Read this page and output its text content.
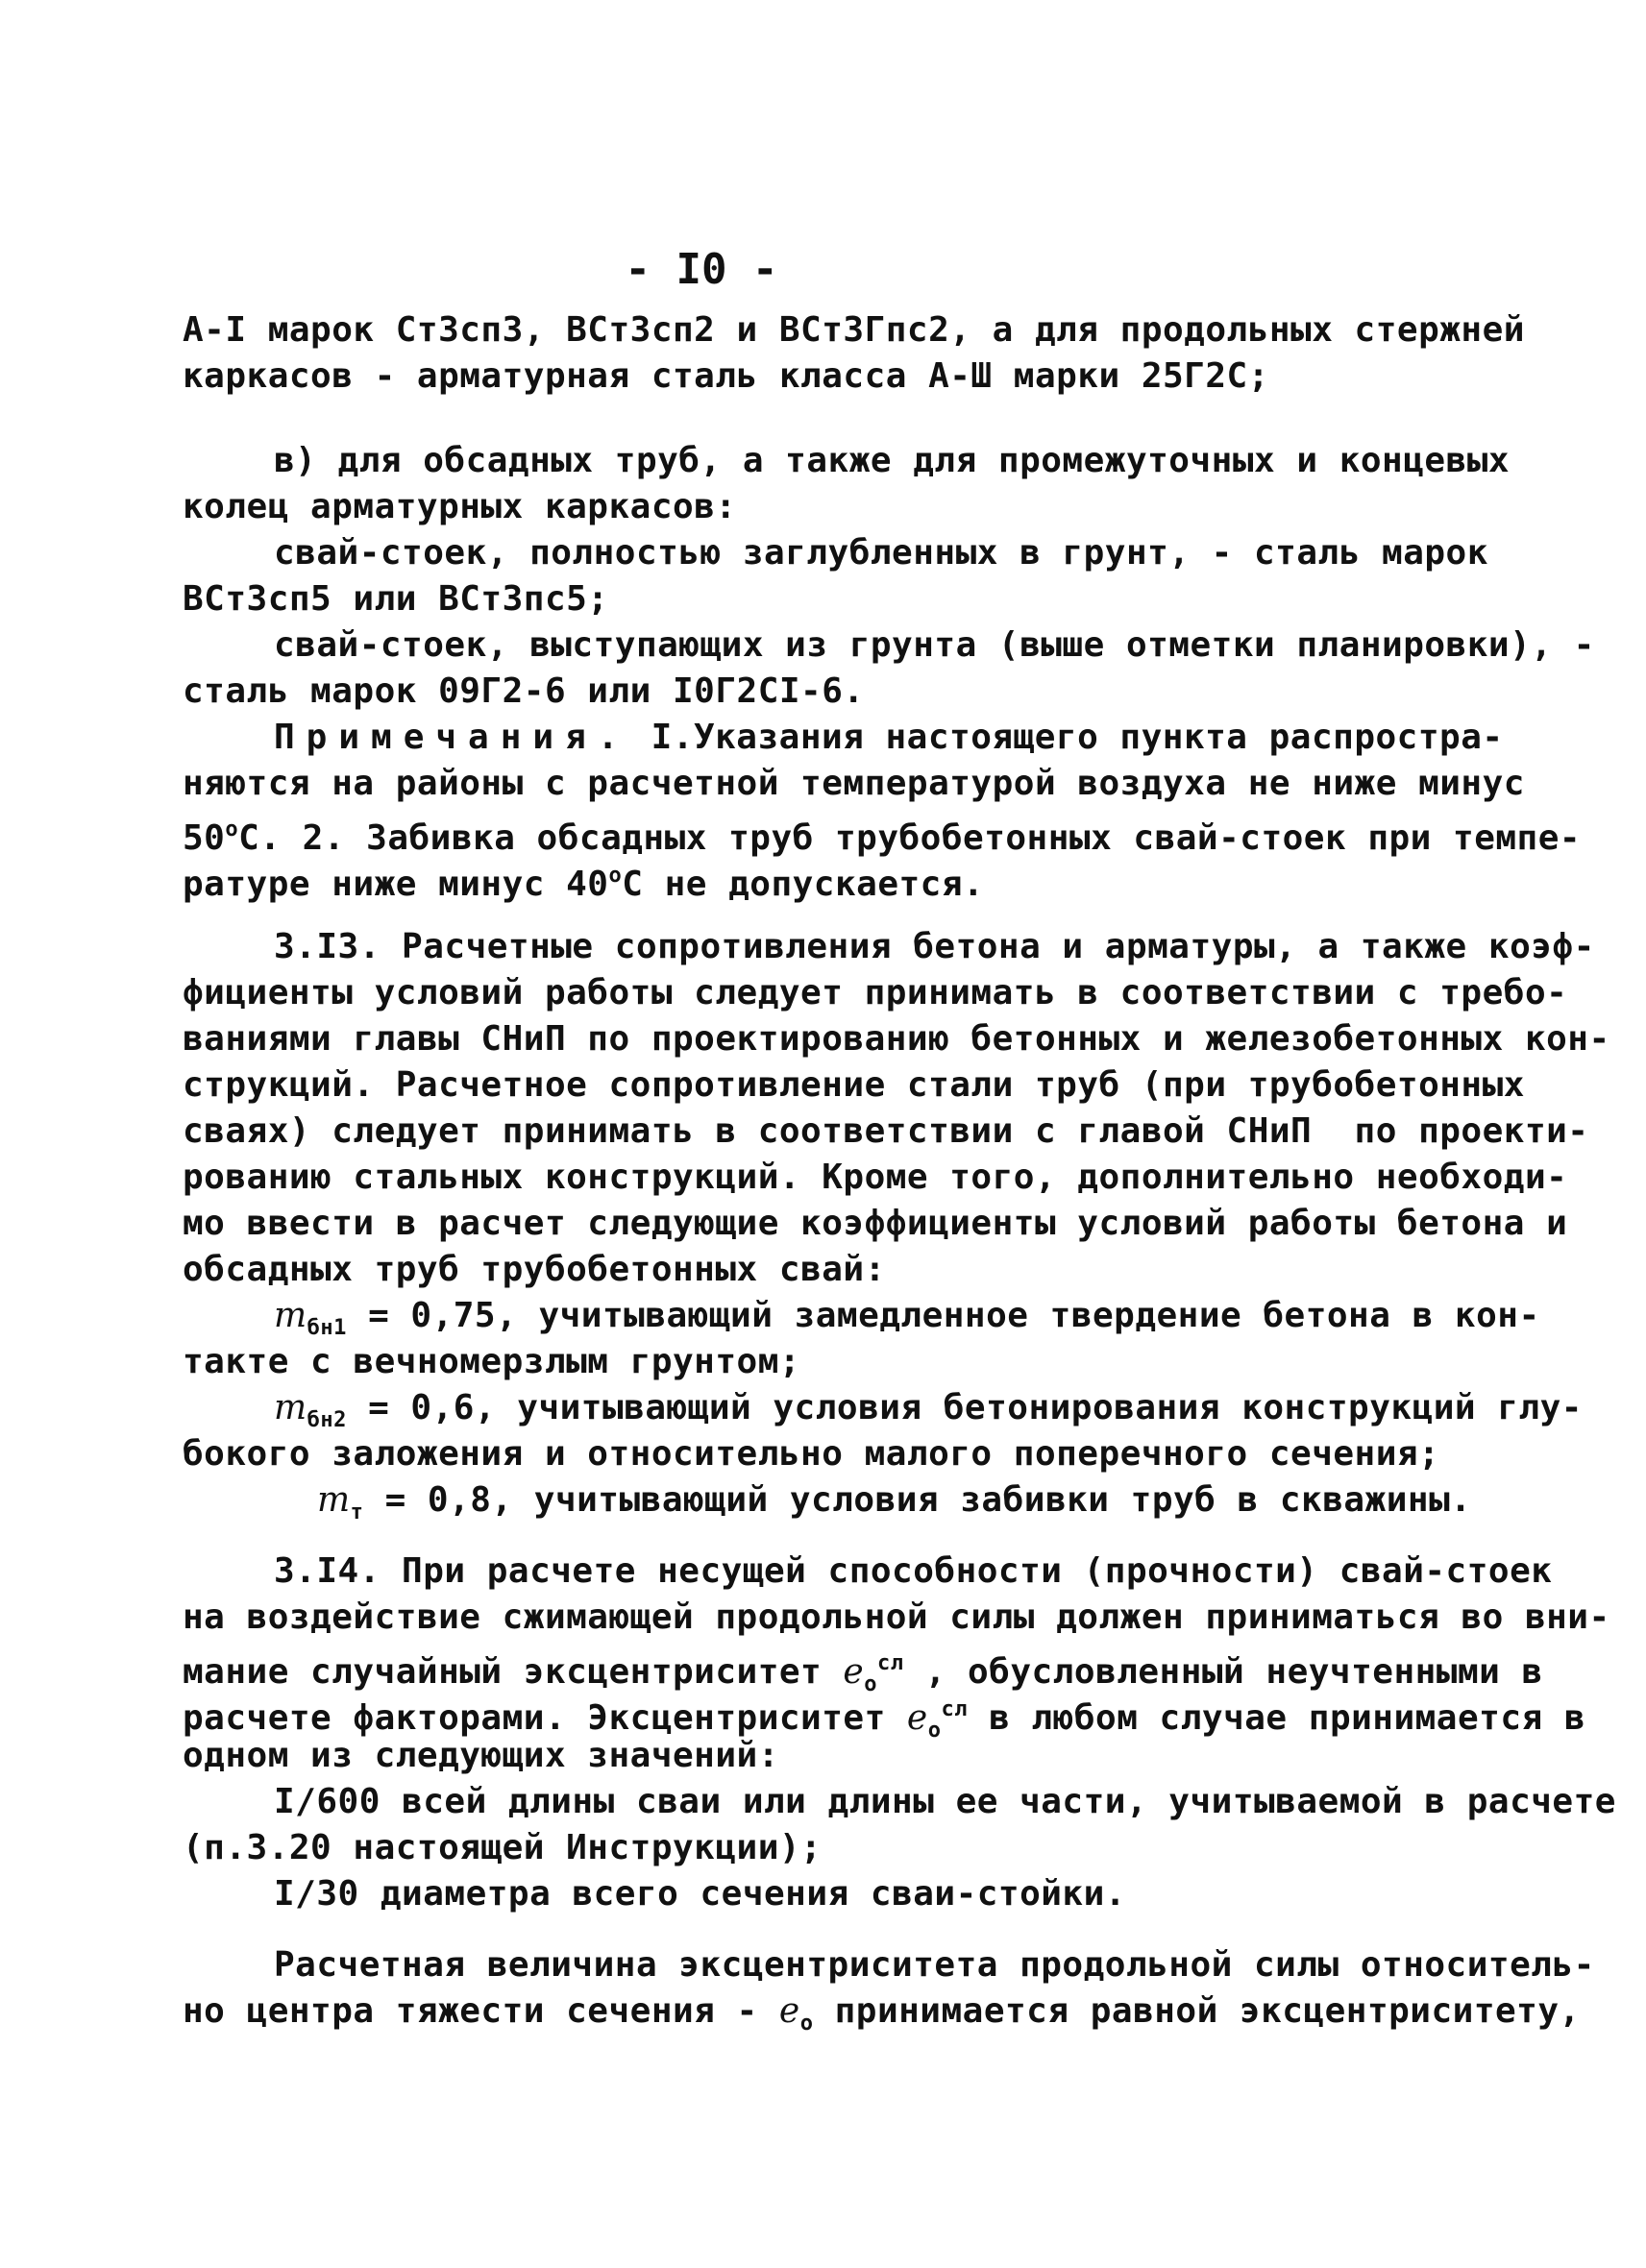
- I0 -
A-I марок Ст3сп3, ВСт3сп2 и ВСт3Гпс2, а для продольных стержней
каркасов - арматурная сталь класса А-Ш марки 25Г2С;
в) для обсадных труб, а также для промежуточных и концевых
колец арматурных каркасов:
свай-стоек, полностью заглубленных в грунт, - сталь марок
ВСт3сп5 или ВСт3пс5;
свай-стоек, выступающих из грунта (выше отметки планировки), -
сталь марок 09Г2-6 или I0Г2СI-6.
Примечания. I.Указания настоящего пункта распростра-
няются на районы с расчетной температурой воздуха не ниже минус
50$^o$С. 2. Забивка обсадных труб трубобетонных свай-стоек при темпе-
ратуре ниже минус 40$^o$С не допускается.
3.I3. Расчетные сопротивления бетона и арматуры, а также коэф-
фициенты условий работы следует принимать в соответствии с требо-
ваниями главы СНиП по проектированию бетонных и железобетонных кон-
струкций. Расчетное сопротивление стали труб (при трубобетонных
сваях) следует принимать в соответствии с главой СНиП  по проекти-
рованию стальных конструкций. Кроме того, дополнительно необходи-
мо ввести в расчет следующие коэффициенты условий работы бетона и
обсадных труб трубобетонных свай:
$m_{бн1} = 0,75$, учитывающий замедленное твердение бетона в кон-
такте с вечномерзлым грунтом;
$m_{бн2} = 0,6$, учитывающий условия бетонирования конструкций глу-
бокого заложения и относительно малого поперечного сечения;
$m_т = 0,8$, учитывающий условия забивки труб в скважины.
3.I4. При расчете несущей способности (прочности) свай-стоек
на воздействие сжимающей продольной силы должен приниматься во вни-
мание случайный эксцентриситет $e_o^{сл}$ , обусловленный неучтенными в
расчете факторами. Эксцентриситет $e_o^{сл}$ в любом случае принимается в
одном из следующих значений:
I/600 всей длины сваи или длины ее части, учитываемой в расчете
(п.3.20 настоящей Инструкции);
I/30 диаметра всего сечения сваи-стойки.
Расчетная величина эксцентриситета продольной силы относитель-
но центра тяжести сечения - $e_o$ принимается равной эксцентриситету,
